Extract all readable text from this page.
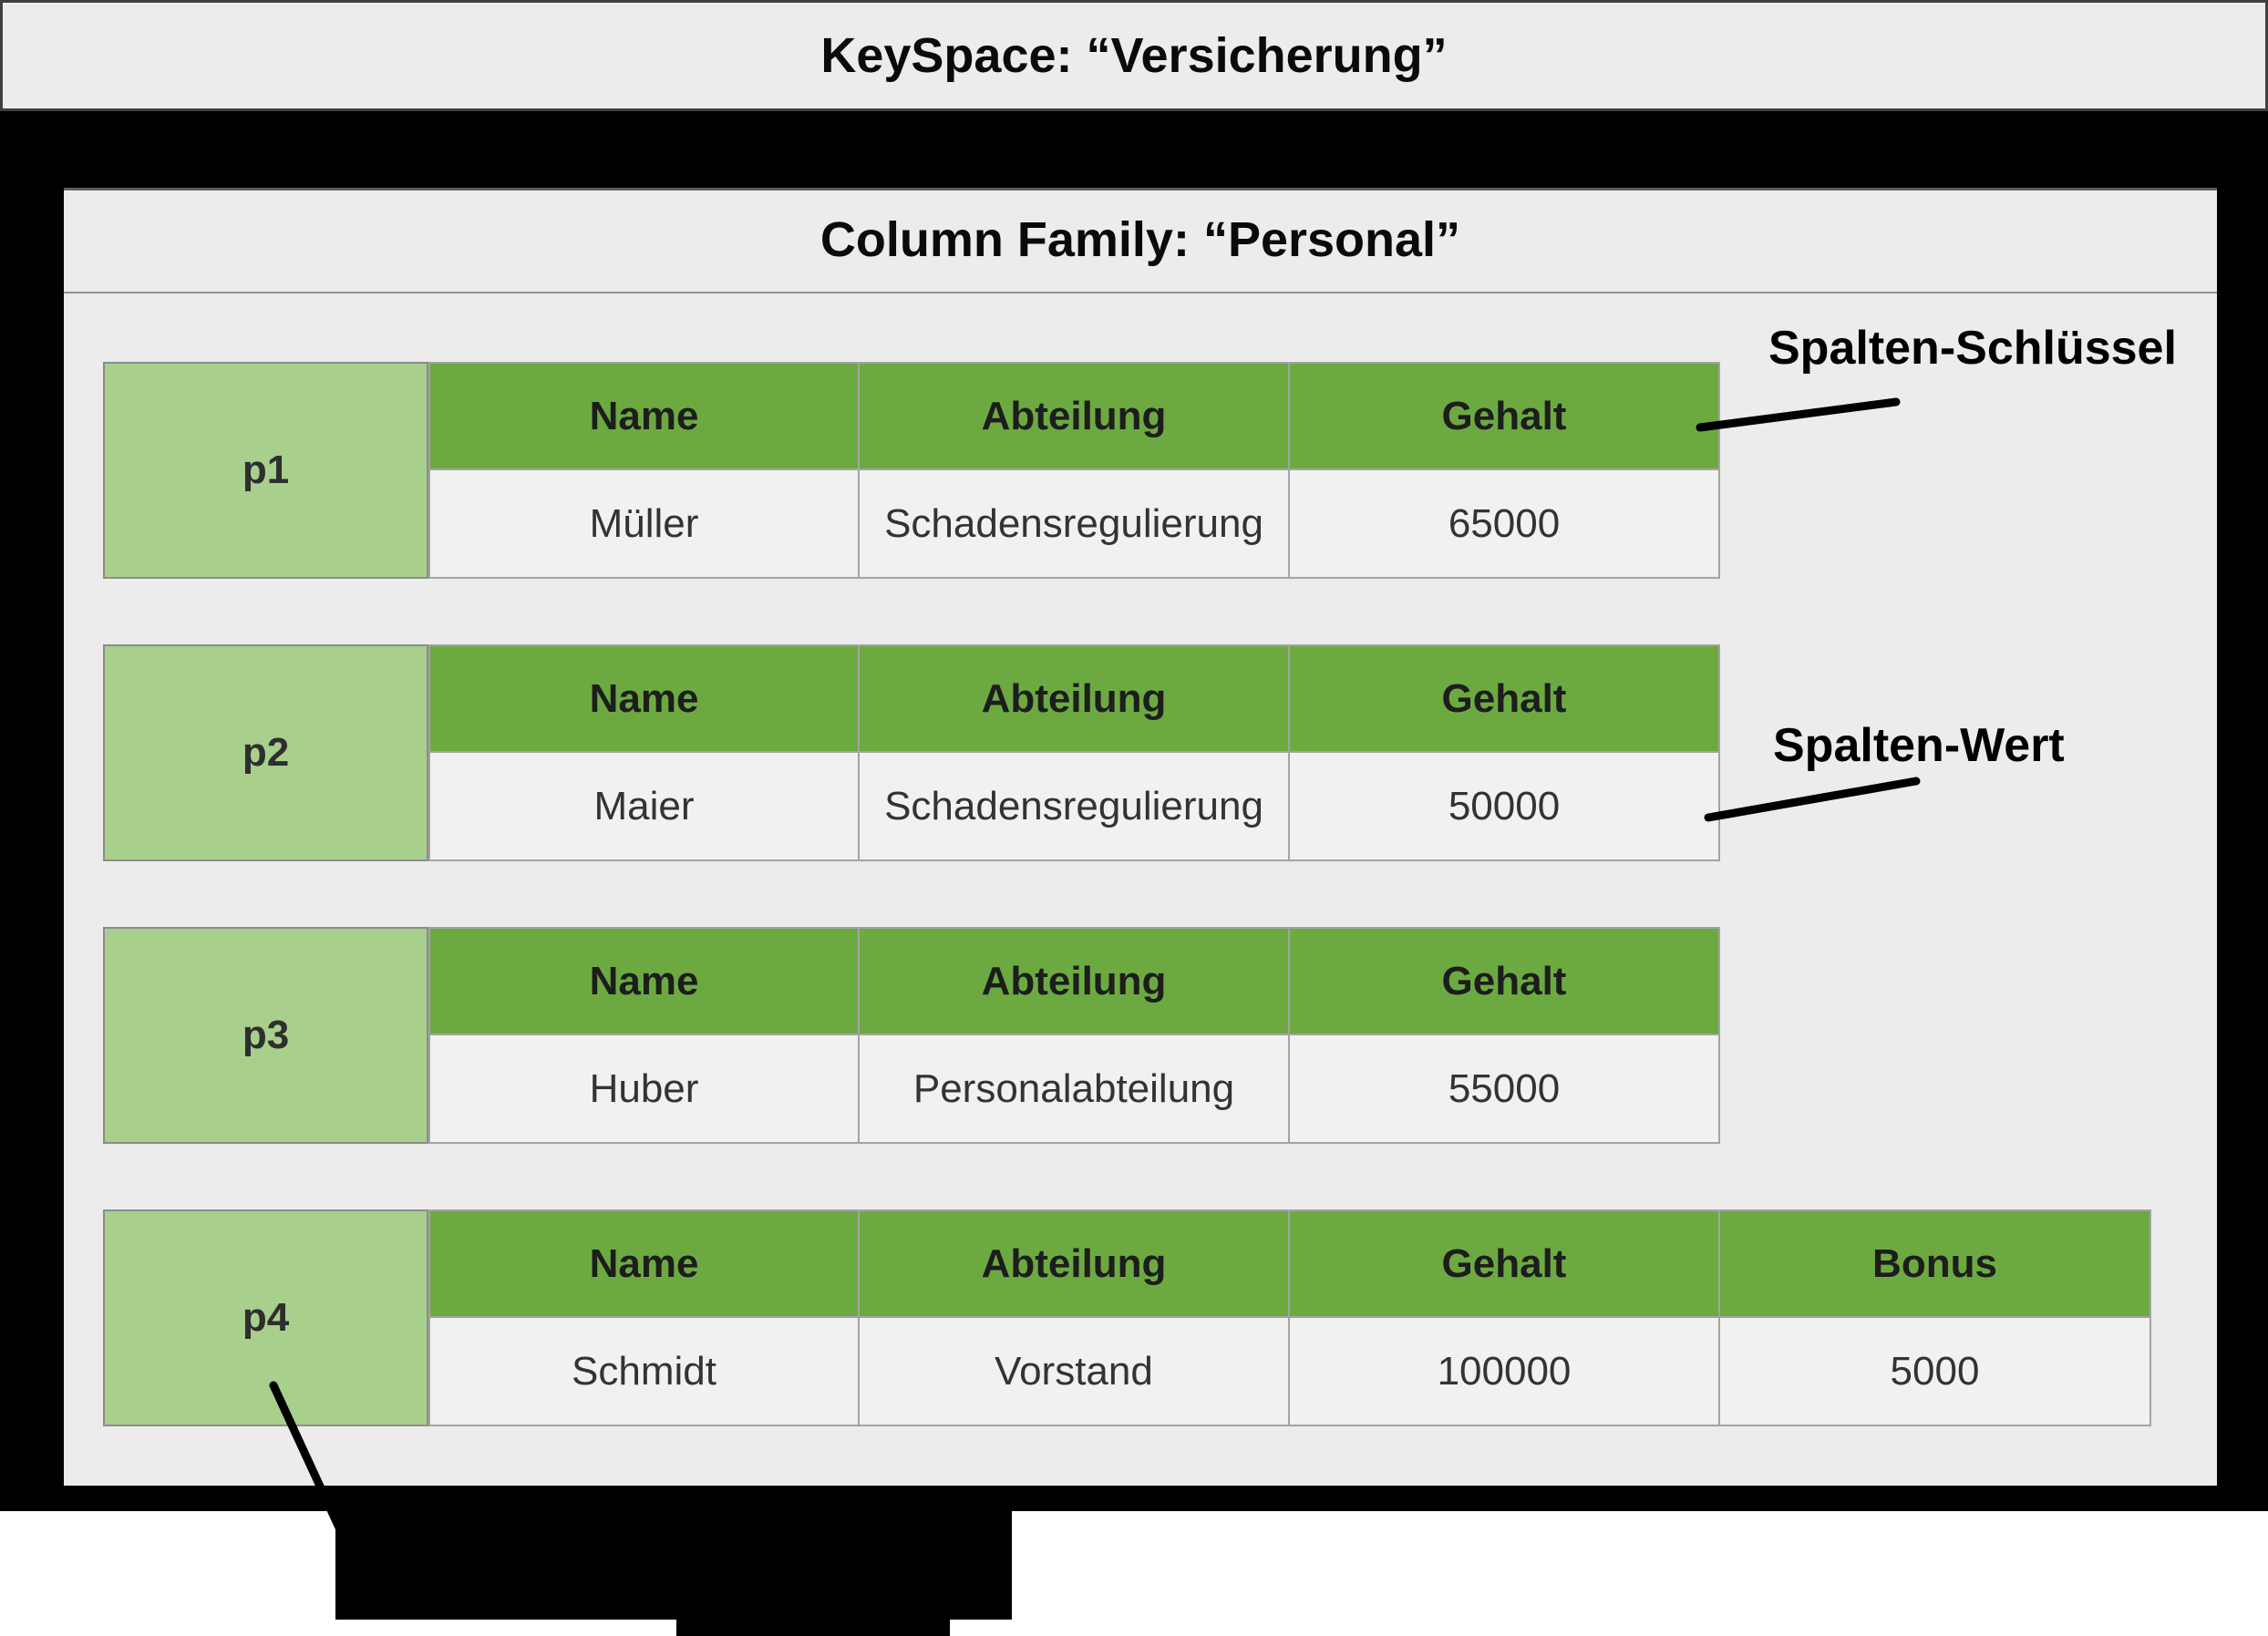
KeySpace: “Versicherung”
Column Family: “Personal”
p1
Name	Abteilung	Gehalt
Müller	Schadensregulierung	65000
p2
Name	Abteilung	Gehalt
Maier	Schadensregulierung	50000
p3
Name	Abteilung	Gehalt
Huber	Personalabteilung	55000
p4
Name	Abteilung	Gehalt	Bonus
Schmidt	Vorstand	100000	5000
Spalten-Schlüssel
Spalten-Wert
